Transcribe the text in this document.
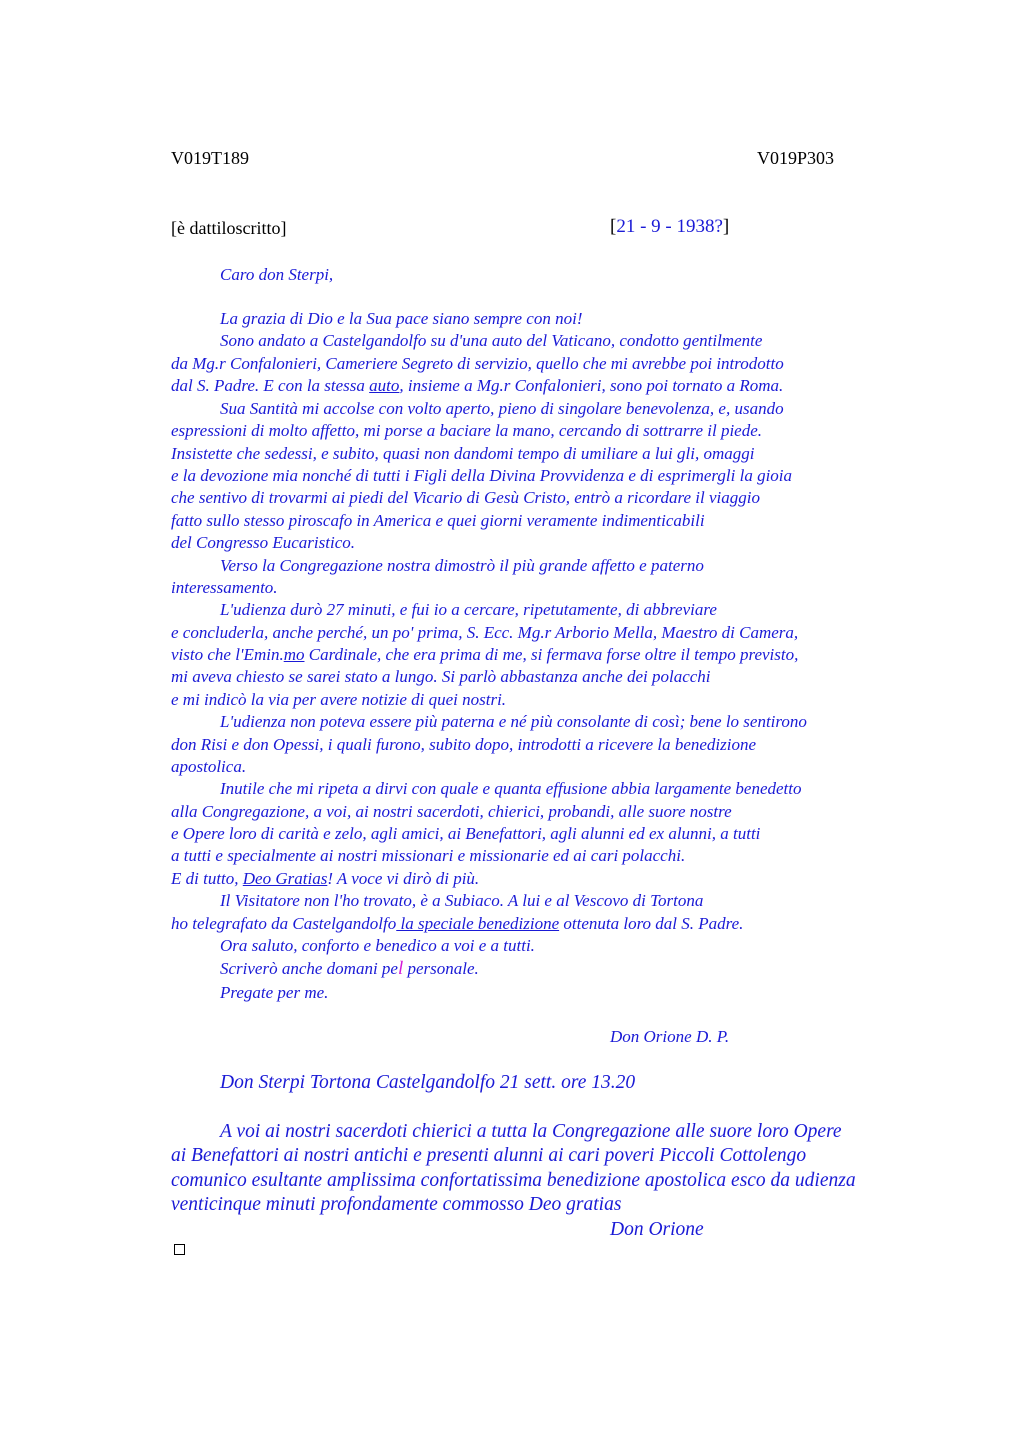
V019T189	V019P303
[è dattiloscritto]	[21 - 9 - 1938?]
Caro don Sterpi,
La grazia di Dio e la Sua pace siano sempre con noi!
Sono andato a Castelgandolfo su d'una auto del Vaticano, condotto gentilmente
da Mg.r Confalonieri, Cameriere Segreto di servizio, quello che mi avrebbe poi introdotto
dal S. Padre. E con la stessa auto, insieme a Mg.r Confalonieri, sono poi tornato a Roma.
Sua Santità mi accolse con volto aperto, pieno di singolare benevolenza, e, usando
espressioni di molto affetto, mi porse a baciare la mano, cercando di sottrarre il piede.
Insistette che sedessi, e subito, quasi non dandomi tempo di umiliare a lui gli, omaggi
e la devozione mia nonché di tutti i Figli della Divina Provvidenza e di esprimergli la gioia
che sentivo di trovarmi ai piedi del Vicario di Gesù Cristo, entrò a ricordare il viaggio
fatto sullo stesso piroscafo in America e quei giorni veramente indimenticabili
del Congresso Eucaristico.
Verso la Congregazione nostra dimostrò il più grande affetto e paterno
interessamento.
L'udienza durò 27 minuti, e fui io a cercare, ripetutamente, di abbreviare
e concluderla, anche perché, un po' prima, S. Ecc. Mg.r Arborio Mella, Maestro di Camera,
visto che l'Emin.mo Cardinale, che era prima di me, si fermava forse oltre il tempo previsto,
mi aveva chiesto se sarei stato a lungo. Si parlò abbastanza anche dei polacchi
e mi indicò la via per avere notizie di quei nostri.
L'udienza non poteva essere più paterna e né più consolante di così; bene lo sentirono
don Risi e don Opessi, i quali furono, subito dopo, introdotti a ricevere la benedizione
apostolica.
Inutile che mi ripeta a dirvi con quale e quanta effusione abbia largamente benedetto
alla Congregazione, a voi, ai nostri sacerdoti, chierici, probandi, alle suore nostre
e Opere loro di carità e zelo, agli amici, ai Benefattori, agli alunni ed ex alunni, a tutti
a tutti e specialmente ai nostri missionari e missionarie ed ai cari polacchi.
E di tutto, Deo Gratias! A voce vi dirò di più.
Il Visitatore non l'ho trovato, è a Subiaco. A lui e al Vescovo di Tortona
ho telegrafato da Castelgandolfo la speciale benedizione ottenuta loro dal S. Padre.
Ora saluto, conforto e benedico a voi e a tutti.
Scriverò anche domani pel personale.
Pregate per me.
Don Orione D. P.
Don Sterpi Tortona Castelgandolfo 21 sett. ore 13.20
A voi ai nostri sacerdoti chierici a tutta la Congregazione alle suore loro Opere
ai Benefattori ai nostri antichi e presenti alunni ai cari poveri Piccoli Cottolengo
comunico esultante amplissima confortatissima benedizione apostolica esco da udienza
venticinque minuti profondamente commosso Deo gratias
Don Orione
